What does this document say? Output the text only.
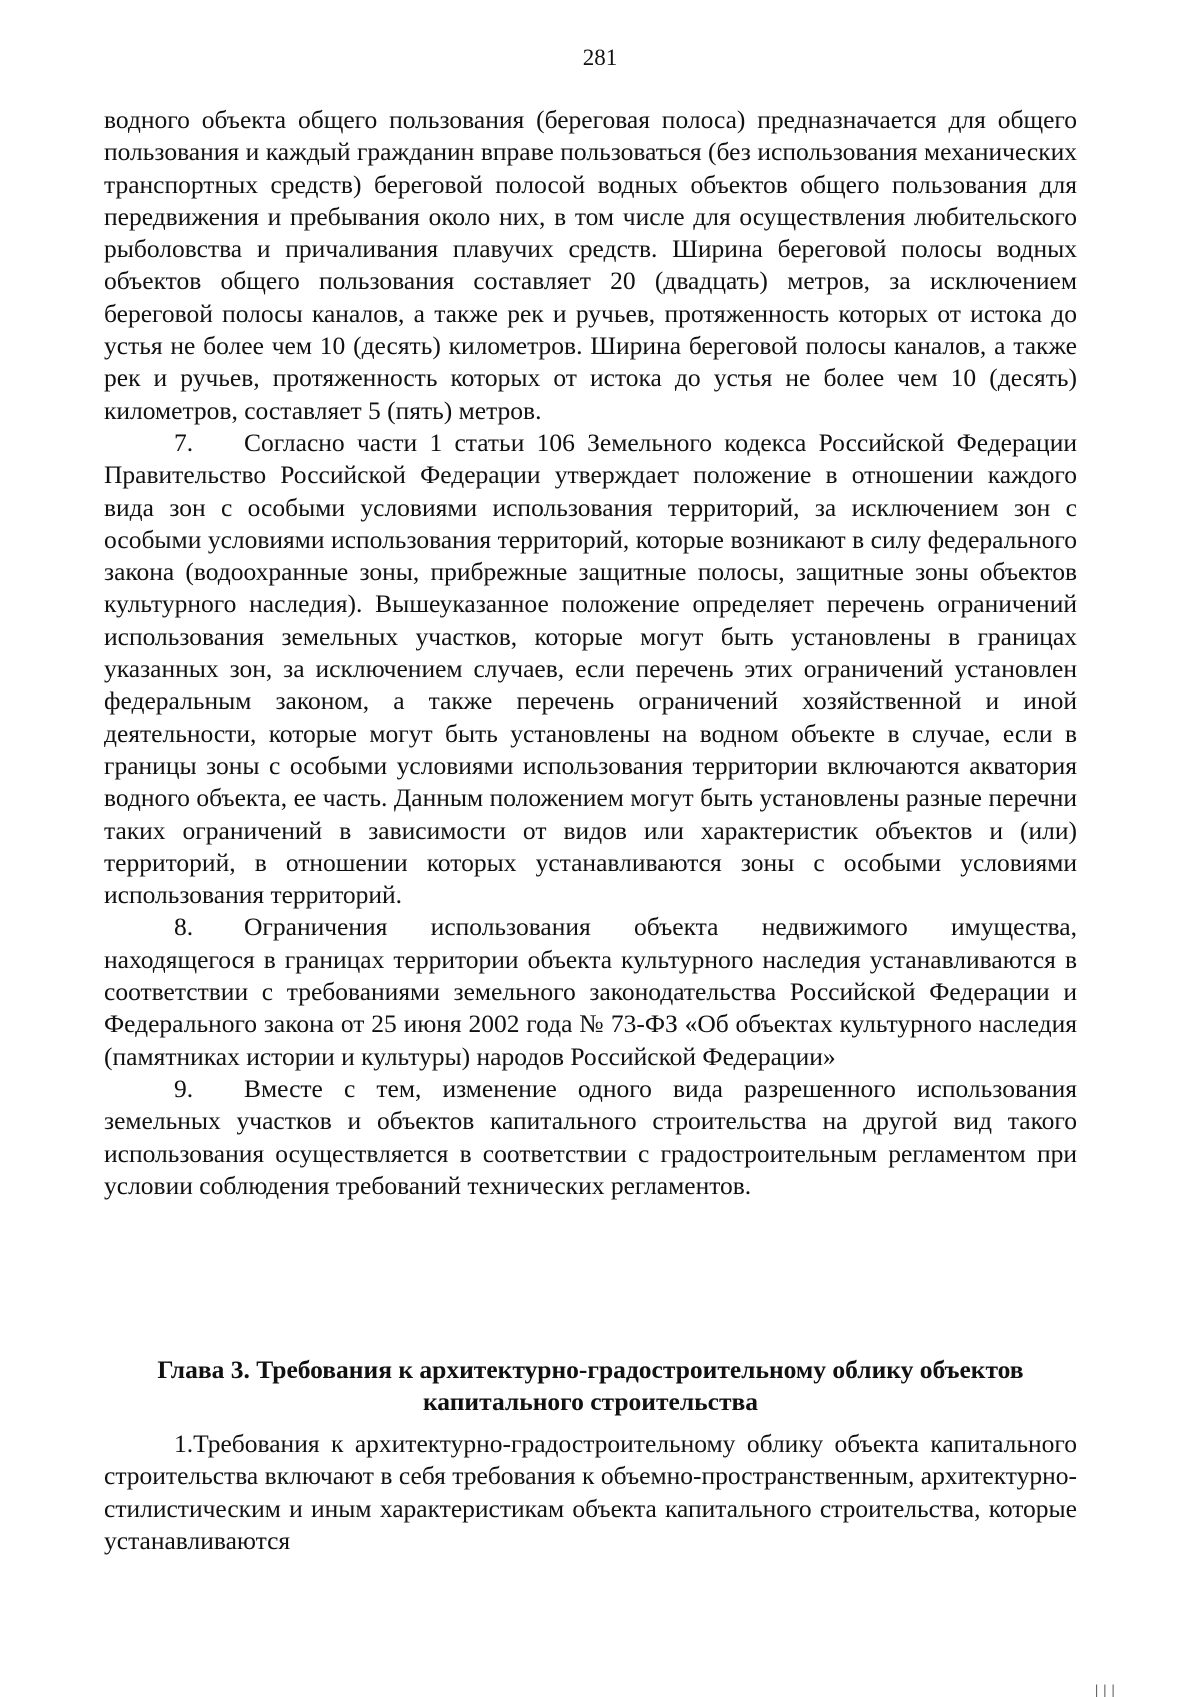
281

водного объекта общего пользования (береговая полоса) предназначается для общего пользования и каждый гражданин вправе пользоваться (без использования механических транспортных средств) береговой полосой водных объектов общего пользования для передвижения и пребывания около них, в том числе для осуществления любительского рыболовства и причаливания плавучих средств. Ширина береговой полосы водных объектов общего пользования составляет 20 (двадцать) метров, за исключением береговой полосы каналов, а также рек и ручьев, протяженность которых от истока до устья не более чем 10 (десять) километров. Ширина береговой полосы каналов, а также рек и ручьев, протяженность которых от истока до устья не более чем 10 (десять) километров, составляет 5 (пять) метров.

7. Согласно части 1 статьи 106 Земельного кодекса Российской Федерации Правительство Российской Федерации утверждает положение в отношении каждого вида зон с особыми условиями использования территорий, за исключением зон с особыми условиями использования территорий, которые возникают в силу федерального закона (водоохранные зоны, прибрежные защитные полосы, защитные зоны объектов культурного наследия). Вышеуказанное положение определяет перечень ограничений использования земельных участков, которые могут быть установлены в границах указанных зон, за исключением случаев, если перечень этих ограничений установлен федеральным законом, а также перечень ограничений хозяйственной и иной деятельности, которые могут быть установлены на водном объекте в случае, если в границы зоны с особыми условиями использования территории включаются акватория водного объекта, ее часть. Данным положением могут быть установлены разные перечни таких ограничений в зависимости от видов или характеристик объектов и (или) территорий, в отношении которых устанавливаются зоны с особыми условиями использования территорий.

8. Ограничения использования объекта недвижимого имущества, находящегося в границах территории объекта культурного наследия устанавливаются в соответствии с требованиями земельного законодательства Российской Федерации и Федерального закона от 25 июня 2002 года № 73-ФЗ «Об объектах культурного наследия (памятниках истории и культуры) народов Российской Федерации»

9. Вместе с тем, изменение одного вида разрешенного использования земельных участков и объектов капитального строительства на другой вид такого использования осуществляется в соответствии с градостроительным регламентом при условии соблюдения требований технических регламентов.

Глава 3. Требования к архитектурно-градостроительному облику объектов
капитального строительства

1.Требования к архитектурно-градостроительному облику объекта капитального строительства включают в себя требования к объемно-пространственным, архитектурно-стилистическим и иным характеристикам объекта капитального строительства, которые устанавливаются

|||
